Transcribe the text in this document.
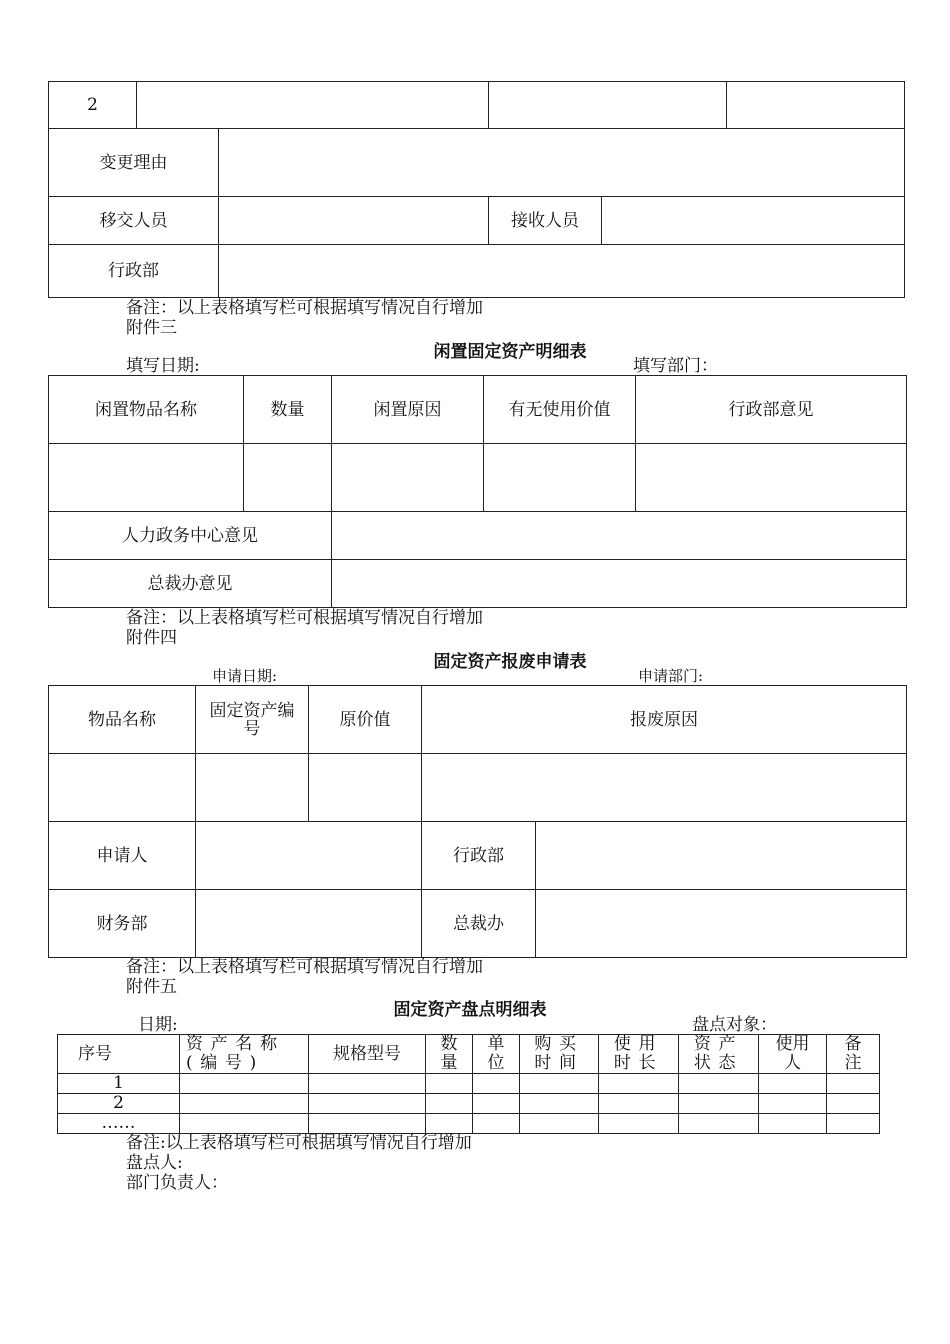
2					
变更理由					
移交人员			接收人员		
行政部					
备注：以上表格填写栏可根据填写情况自行增加
附件三
闲置固定资产明细表
填写日期:	填写部门：
闲置物品名称	数量	闲置原因	有无使用价值	行政部意见

人力政务中心意见				
总裁办意见				
备注：以上表格填写栏可根据填写情况自行增加
附件四
固定资产报废申请表
申请日期:	申请部门:
物品名称	固定资产编号	原价值	报废原因	

申请人			行政部	
财务部			总裁办	
备注：以上表格填写栏可根据填写情况自行增加
附件五
固定资产盘点明细表
日期:	盘点对象：
序号	资产名称(编号)	规格型号	数量	单位	购买时间	使用时长	资产状态	使用人	备注
1									
2									
……									
备注:以上表格填写栏可根据填写情况自行增加
盘点人:
部门负责人：
